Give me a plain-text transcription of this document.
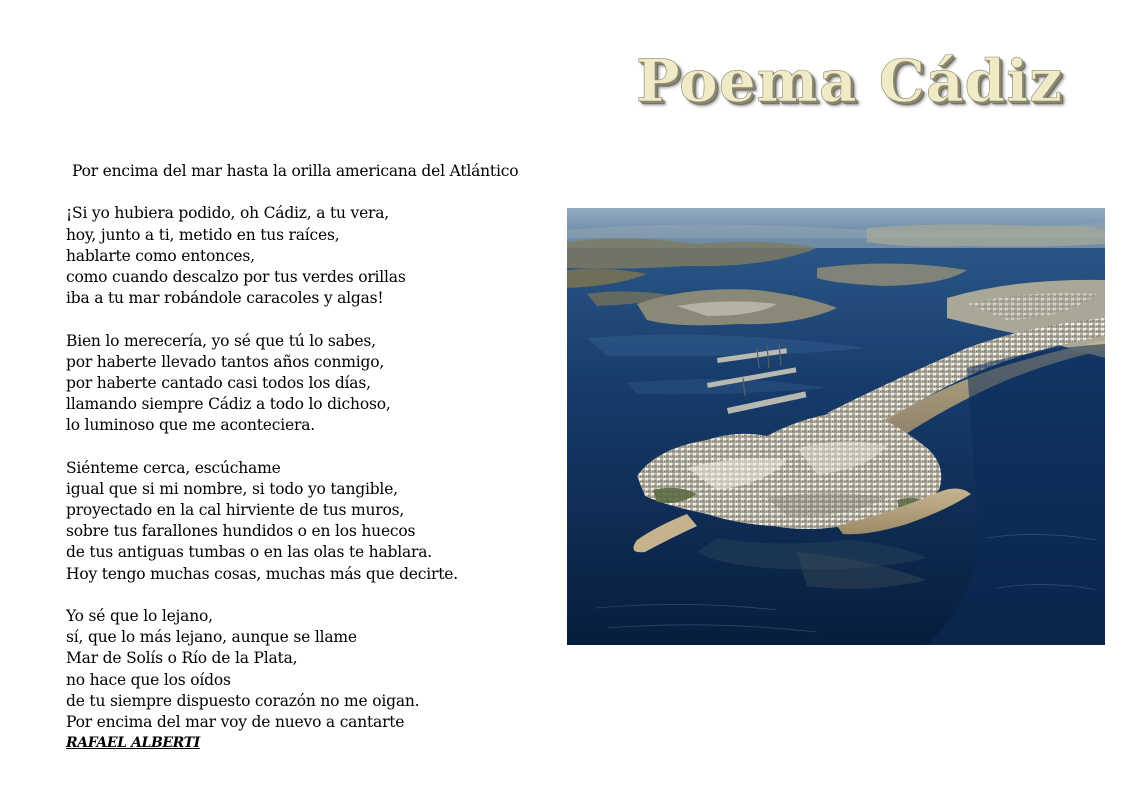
Poema Cádiz
Por encima del mar hasta la orilla americana del Atlántico
¡Si yo hubiera podido, oh Cádiz, a tu vera,
hoy, junto a ti, metido en tus raíces,
hablarte como entonces,
como cuando descalzo por tus verdes orillas
iba a tu mar robándole caracoles y algas!
Bien lo merecería, yo sé que tú lo sabes,
por haberte llevado tantos años conmigo,
por haberte cantado casi todos los días,
llamando siempre Cádiz a todo lo dichoso,
lo luminoso que me aconteciera.
Siénteme cerca, escúchame
igual que si mi nombre, si todo yo tangible,
proyectado en la cal hirviente de tus muros,
sobre tus farallones hundidos o en los huecos
de tus antiguas tumbas o en las olas te hablara.
Hoy tengo muchas cosas, muchas más que decirte.
Yo sé que lo lejano,
sí, que lo más lejano, aunque se llame
Mar de Solís o Río de la Plata,
no hace que los oídos
de tu siempre dispuesto corazón no me oigan.
Por encima del mar voy de nuevo a cantarte
RAFAEL ALBERTI
